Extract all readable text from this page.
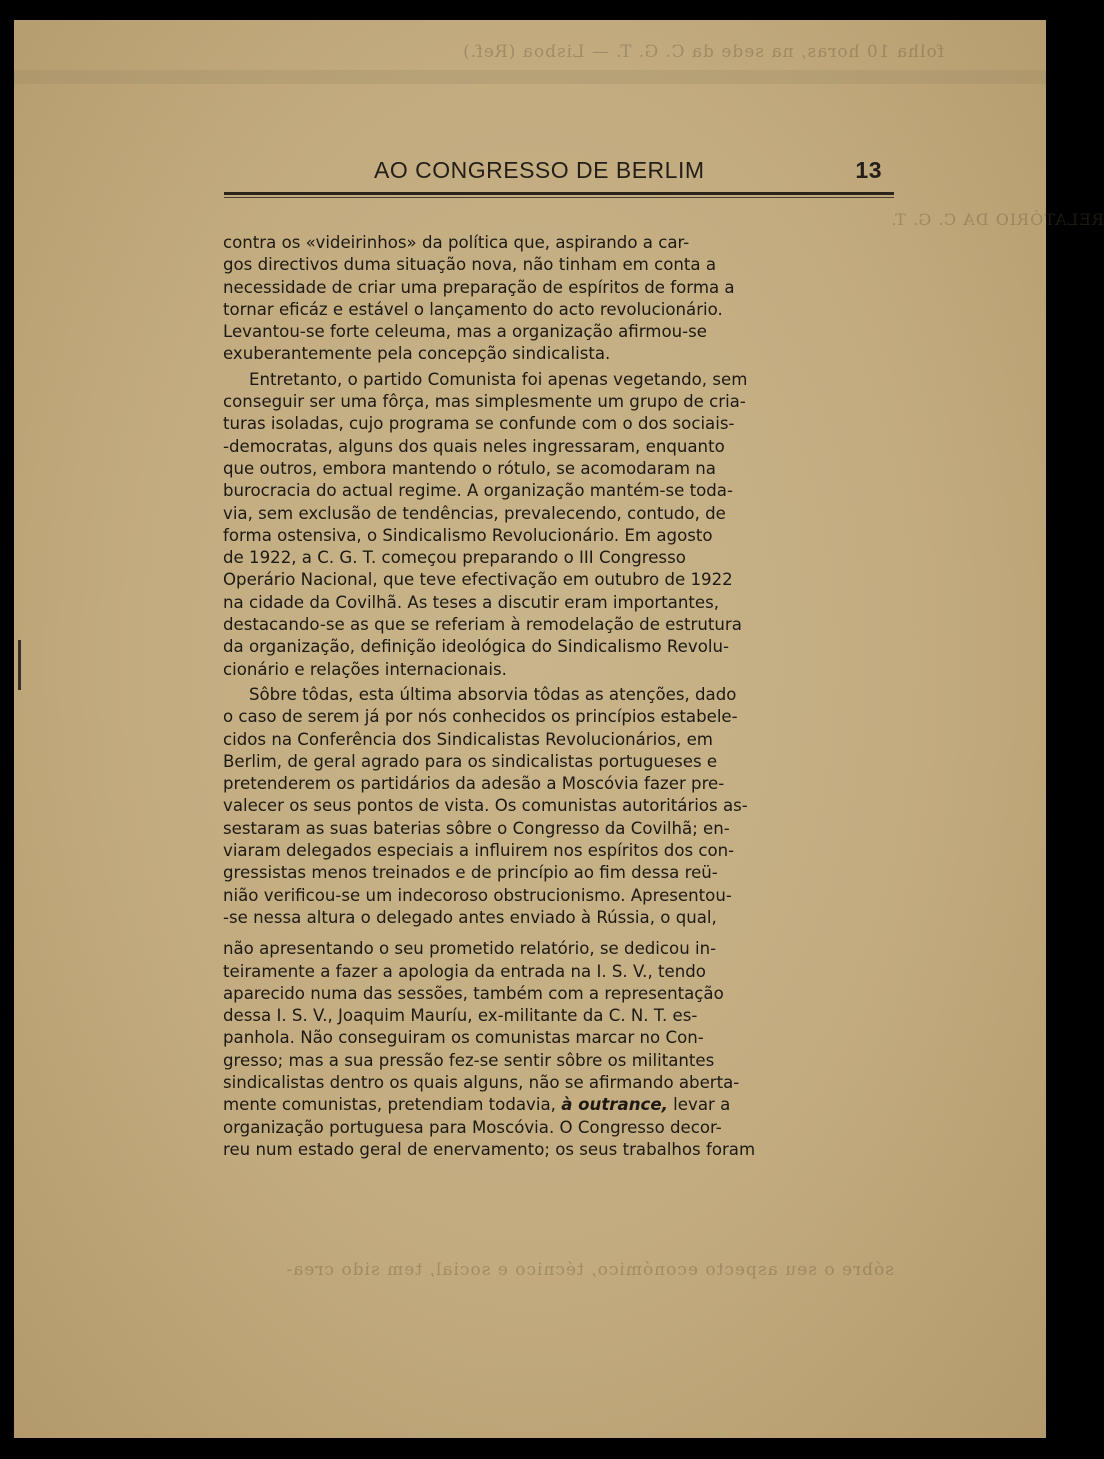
folha 10 horas, na sede da C. G. T. — Lisboa (Ref.)
RELATÓRIO DA C. G. T.
sóbre o seu aspecto económico, técnico e social, tem sido crea-
AO CONGRESSO DE BERLIM	13
contra os «videirinhos» da política que, aspirando a car-
gos directivos duma situação nova, não tinham em conta a
necessidade de criar uma preparação de espíritos de forma a
tornar eficáz e estável o lançamento do acto revolucionário.
Levantou-se forte celeuma, mas a organização afirmou-se
exuberantemente pela concepção sindicalista.
Entretanto, o partido Comunista foi apenas vegetando, sem
conseguir ser uma fôrça, mas simplesmente um grupo de cria-
turas isoladas, cujo programa se confunde com o dos sociais-
-democratas, alguns dos quais neles ingressaram, enquanto
que outros, embora mantendo o rótulo, se acomodaram na
burocracia do actual regime. A organização mantém-se toda-
via, sem exclusão de tendências, prevalecendo, contudo, de
forma ostensiva, o Sindicalismo Revolucionário. Em agosto
de 1922, a C. G. T. começou preparando o III Congresso
Operário Nacional, que teve efectivação em outubro de 1922
na cidade da Covilhã. As teses a discutir eram importantes,
destacando-se as que se referiam à remodelação de estrutura
da organização, definição ideológica do Sindicalismo Revolu-
cionário e relações internacionais.
Sôbre tôdas, esta última absorvia tôdas as atenções, dado
o caso de serem já por nós conhecidos os princípios estabele-
cidos na Conferência dos Sindicalistas Revolucionários, em
Berlim, de geral agrado para os sindicalistas portugueses e
pretenderem os partidários da adesão a Moscóvia fazer pre-
valecer os seus pontos de vista. Os comunistas autoritários as-
sestaram as suas baterias sôbre o Congresso da Covilhã; en-
viaram delegados especiais a influirem nos espíritos dos con-
gressistas menos treinados e de princípio ao fim dessa reü-
nião verificou-se um indecoroso obstrucionismo. Apresentou-
-se nessa altura o delegado antes enviado à Rússia, o qual,
não apresentando o seu prometido relatório, se dedicou in-
teiramente a fazer a apologia da entrada na I. S. V., tendo
aparecido numa das sessões, também com a representação
dessa I. S. V., Joaquim Mauríu, ex-militante da C. N. T. es-
panhola. Não conseguiram os comunistas marcar no Con-
gresso; mas a sua pressão fez-se sentir sôbre os militantes
sindicalistas dentro os quais alguns, não se afirmando aberta-
mente comunistas, pretendiam todavia, à outrance, levar a
organização portuguesa para Moscóvia. O Congresso decor-
reu num estado geral de enervamento; os seus trabalhos foram
